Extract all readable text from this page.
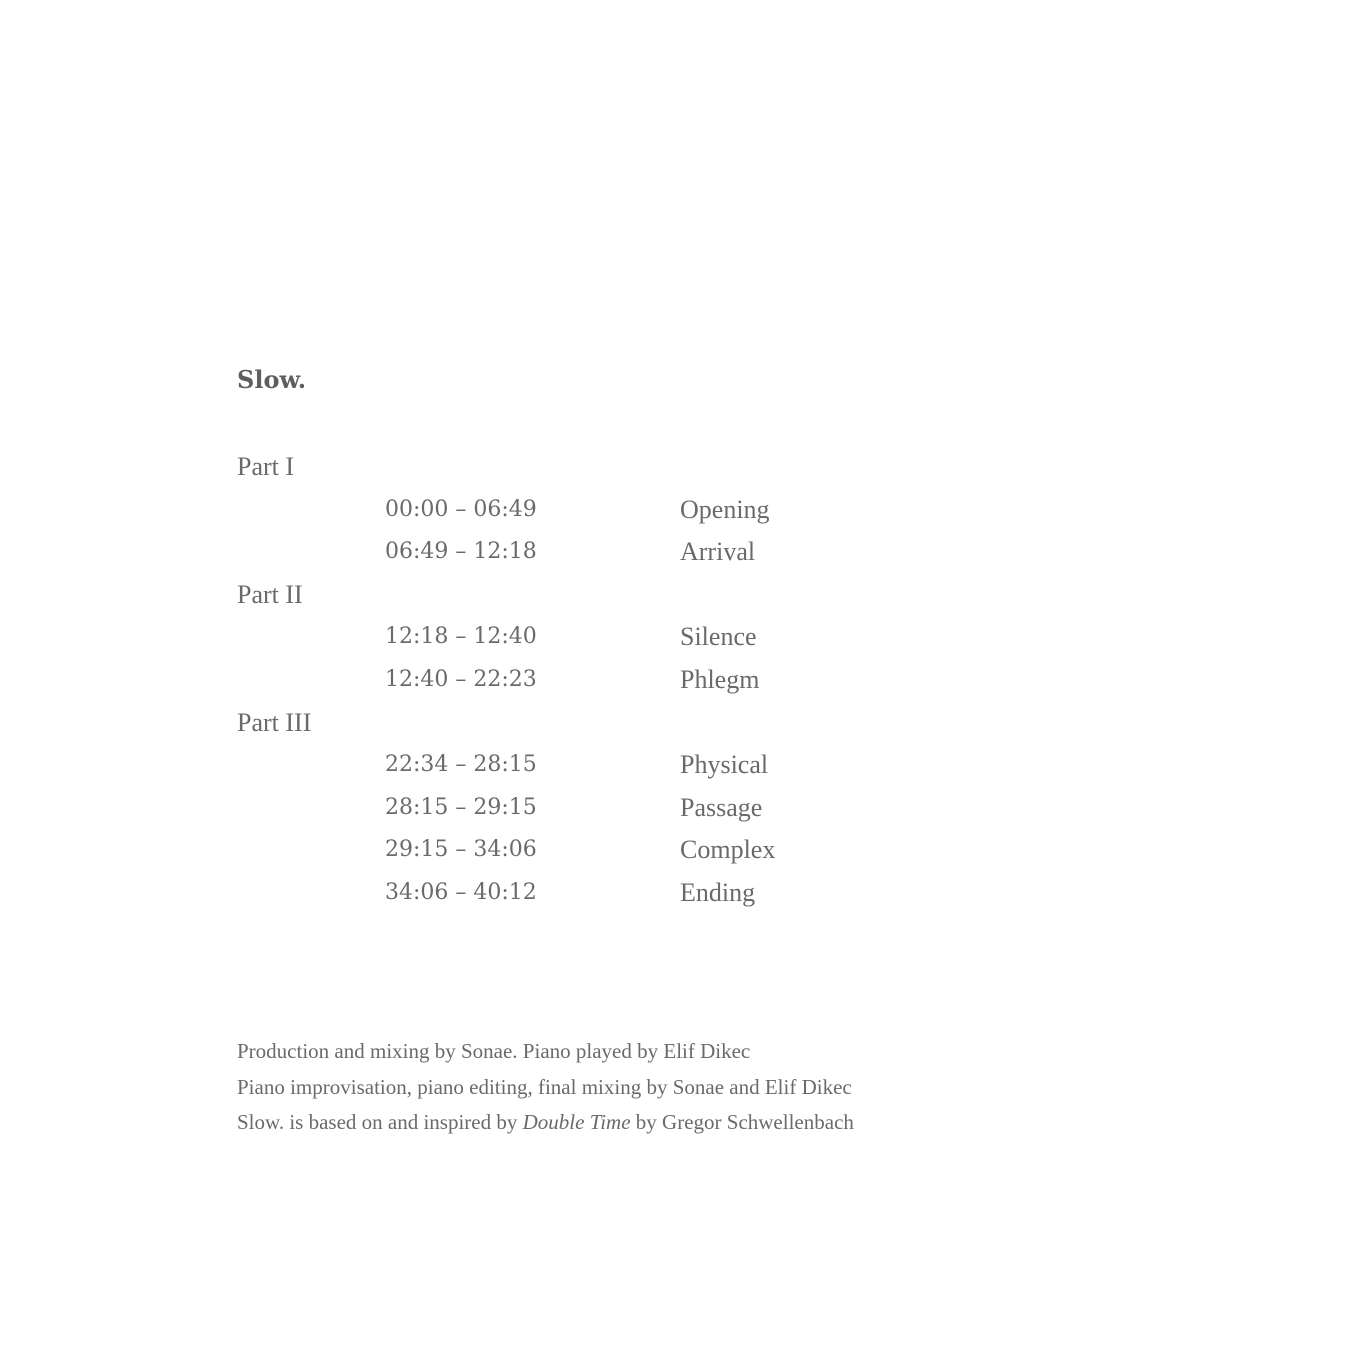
Slow.
Part I
00:00 – 06:49	Opening
06:49 – 12:18	Arrival
Part II
12:18 – 12:40	Silence
12:40 – 22:23	Phlegm
Part III
22:34 – 28:15	Physical
28:15 – 29:15	Passage
29:15 – 34:06	Complex
34:06 – 40:12	Ending
Production and mixing by Sonae. Piano played by Elif Dikec
Piano improvisation, piano editing, final mixing by Sonae and Elif Dikec
Slow. is based on and inspired by Double Time by Gregor Schwellenbach
